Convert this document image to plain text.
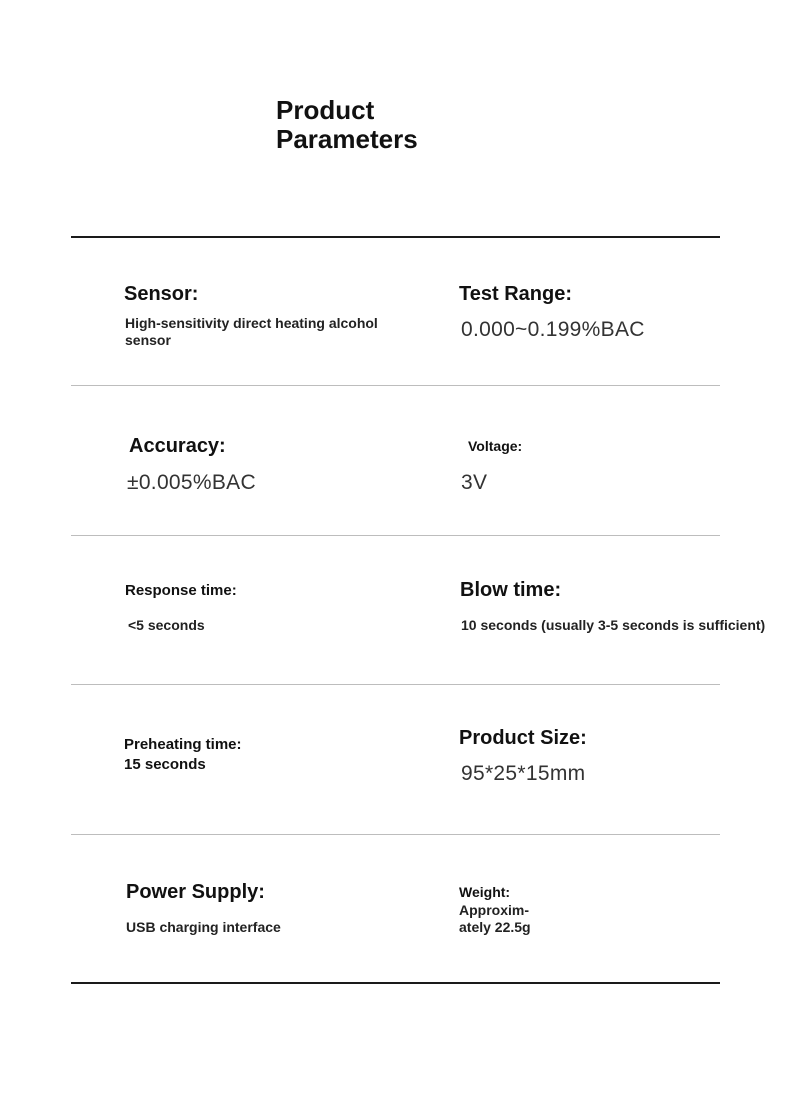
Product
Parameters
Sensor:
High-sensitivity direct heating alcohol sensor
Test Range:
0.000~0.199%BAC
Accuracy:
±0.005%BAC
Voltage:
3V
Response time:
<5 seconds
Blow time:
10 seconds (usually 3-5 seconds is sufficient)
Preheating time:
15 seconds
Product Size:
95*25*15mm
Power Supply:
USB charging interface
Weight:
Approxim-
ately 22.5g
